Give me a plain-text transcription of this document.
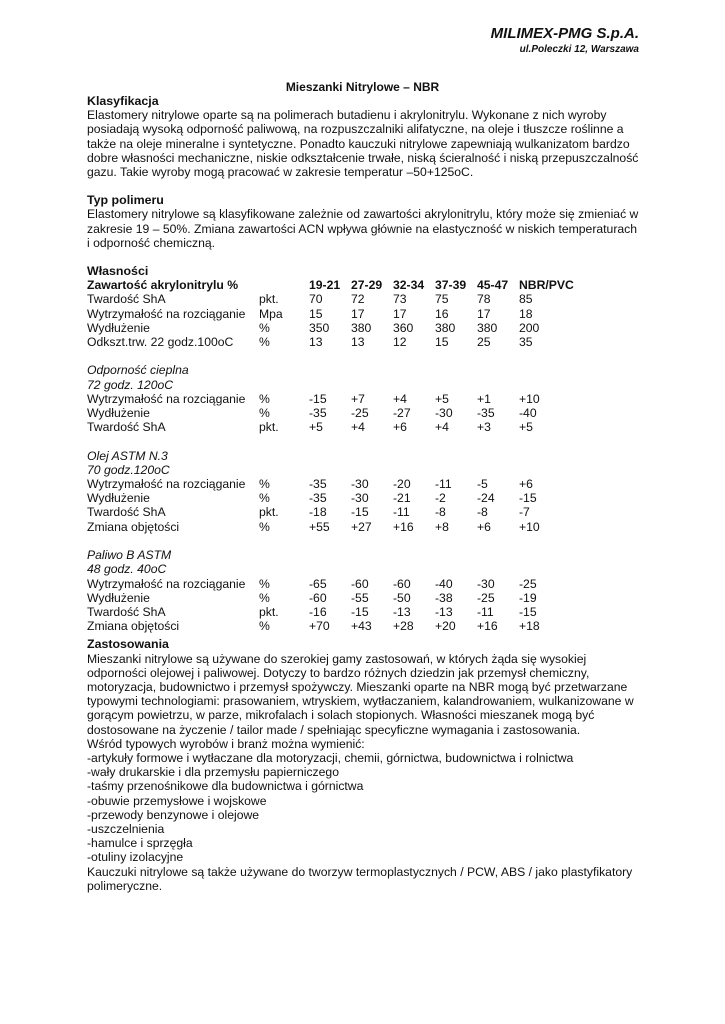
MILIMEX-PMG S.p.A.
ul.Poleczki 12, Warszawa
Mieszanki Nitrylowe – NBR
Klasyfikacja
Elastomery nitrylowe oparte są na polimerach butadienu i akrylonitrylu. Wykonane z nich wyroby
posiadają wysoką odporność paliwową, na rozpuszczalniki alifatyczne, na oleje i tłuszcze roślinne a
także na oleje mineralne i syntetyczne. Ponadto kauczuki nitrylowe zapewniają wulkanizatom bardzo
dobre własności mechaniczne, niskie odkształcenie trwałe, niską ścieralność i niską przepuszczalność
gazu. Takie wyroby mogą pracować w zakresie temperatur –50+125oC.
Typ polimeru
Elastomery nitrylowe są klasyfikowane zależnie od zawartości akrylonitrylu, który może się zmieniać w
zakresie 19 – 50%. Zmiana zawartości ACN wpływa głównie na elastyczność w niskich temperaturach
i odporność chemiczną.
Własności
Zawartość akrylonitrylu %		19-21	27-29	32-34	37-39	45-47	NBR/PVC
Twardość ShA	pkt.	70	72	73	75	78	85
Wytrzymałość na rozciąganie	Mpa	15	17	17	16	17	18
Wydłużenie	%	350	380	360	380	380	200
Odkszt.trw. 22 godz.100oC	%	13	13	12	15	25	35

Odporność cieplna							
72 godz. 120oC							
Wytrzymałość na rozciąganie	%	-15	+7	+4	+5	+1	+10
Wydłużenie	%	-35	-25	-27	-30	-35	-40
Twardość ShA	pkt.	+5	+4	+6	+4	+3	+5

Olej ASTM N.3							
70 godz.120oC							
Wytrzymałość na rozciąganie	%	-35	-30	-20	-11	-5	+6
Wydłużenie	%	-35	-30	-21	-2	-24	-15
Twardość ShA	pkt.	-18	-15	-11	-8	-8	-7
Zmiana objętości	%	+55	+27	+16	+8	+6	+10

Paliwo B ASTM							
48 godz. 40oC							
Wytrzymałość na rozciąganie	%	-65	-60	-60	-40	-30	-25
Wydłużenie	%	-60	-55	-50	-38	-25	-19
Twardość ShA	pkt.	-16	-15	-13	-13	-11	-15
Zmiana objętości	%	+70	+43	+28	+20	+16	+18
Zastosowania
Mieszanki nitrylowe są używane do szerokiej gamy zastosowań, w których żąda się wysokiej
odporności olejowej i paliwowej. Dotyczy to bardzo różnych dziedzin jak przemysł chemiczny,
motoryzacja, budownictwo i przemysł spożywczy. Mieszanki oparte na NBR mogą być przetwarzane
typowymi technologiami: prasowaniem, wtryskiem, wytłaczaniem, kalandrowaniem, wulkanizowane w
gorącym powietrzu, w parze, mikrofalach i solach stopionych. Własności mieszanek mogą być
dostosowane na życzenie / tailor made / spełniając specyficzne wymagania i zastosowania.
Wśród typowych wyrobów i branż można wymienić:
-artykuły formowe i wytłaczane dla motoryzacji, chemii, górnictwa, budownictwa i rolnictwa
-wały drukarskie i dla przemysłu papierniczego
-taśmy przenośnikowe dla budownictwa i górnictwa
-obuwie przemysłowe i wojskowe
-przewody benzynowe i olejowe
-uszczelnienia
-hamulce i sprzęgła
-otuliny izolacyjne
Kauczuki nitrylowe są także używane do tworzyw termoplastycznych / PCW, ABS / jako plastyfikatory
polimeryczne.
